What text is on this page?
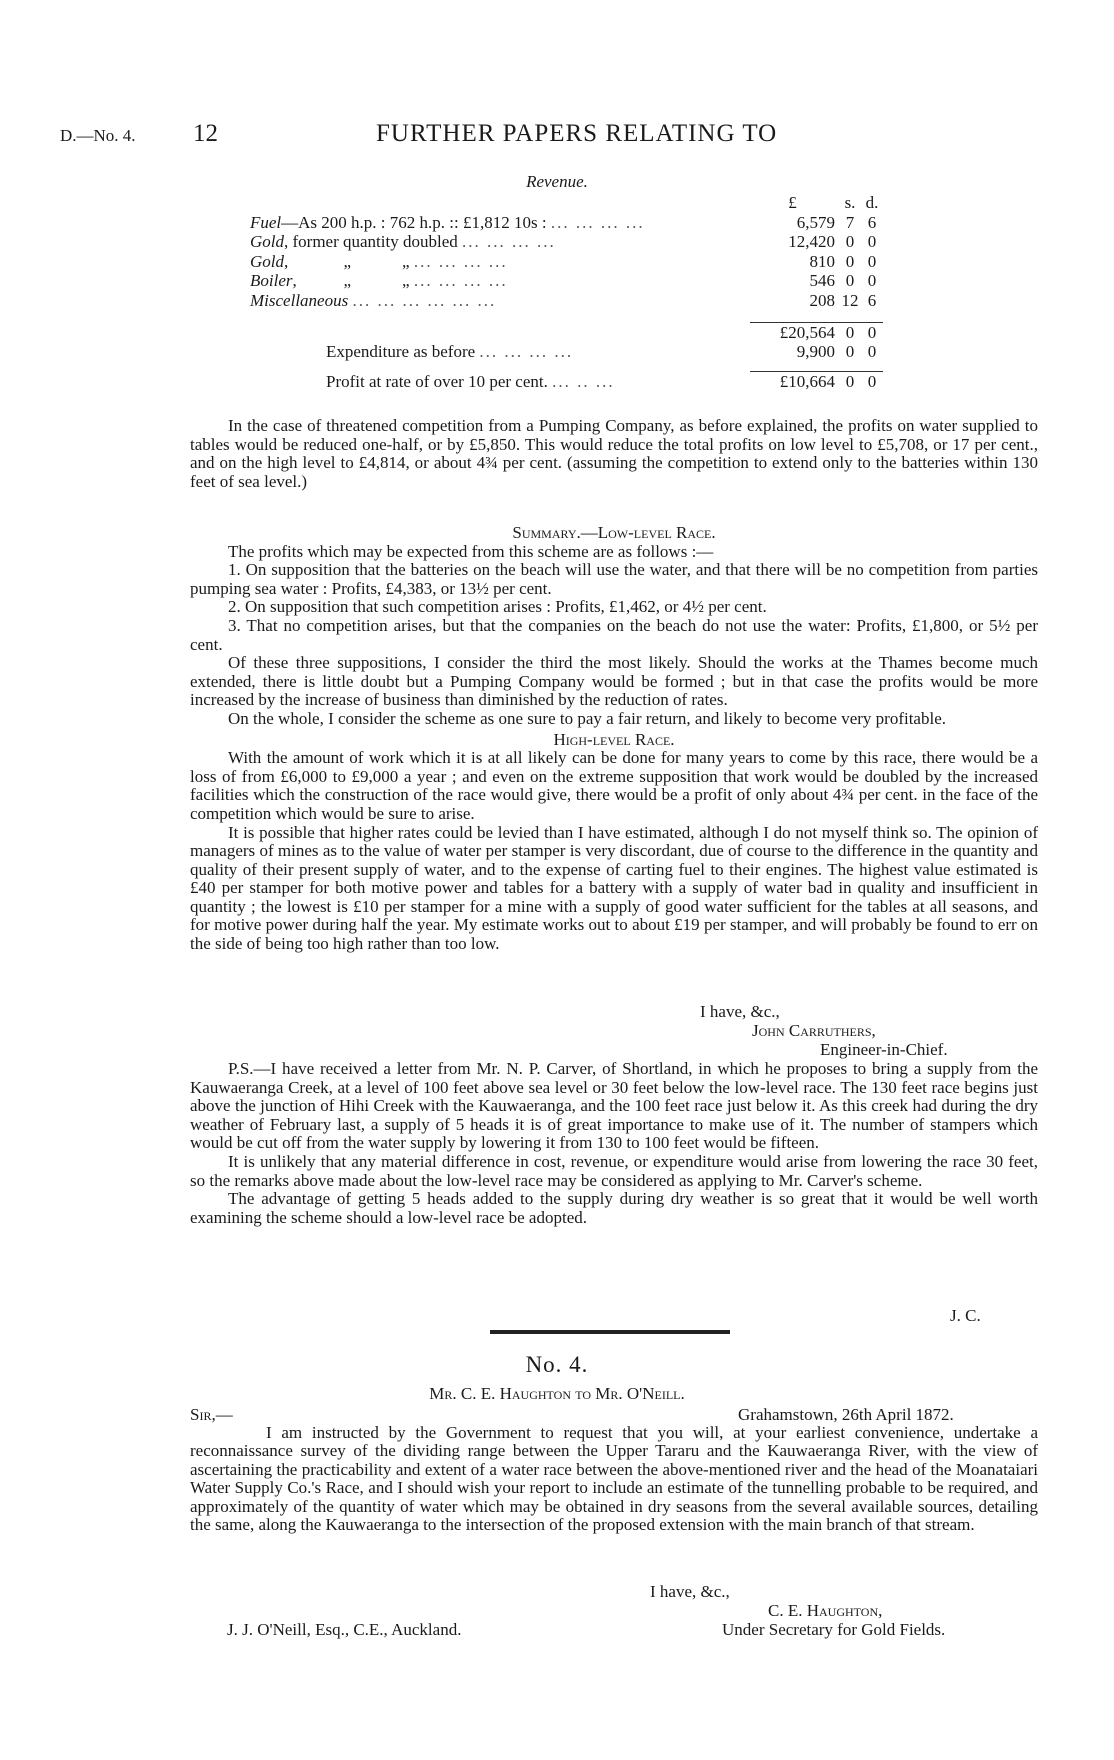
D.—No. 4. 12	FURTHER PAPERS RELATING TO
Revenue.
	£	s.	d.
Fuel—As 200 h.p. : 762 h.p. :: £1,812 10s : ... ... ... ...	6,579	7	6
Gold, former quantity doubled ... ... ... ...	12,420	0	0
Gold,             „            „ ... ... ... ...	810	0	0
Boiler,           „            „ ... ... ... ...	546	0	0
Miscellaneous ... ... ... ... ... ...	208	12	6

	£20,564	0	0
Expenditure as before ... ... ... ...	9,900	0	0

Profit at rate of over 10 per cent. ... .. ...	£10,664	0	0

In the case of threatened competition from a Pumping Company, as before explained, the profits on water supplied to tables would be reduced one-half, or by £5,850. This would reduce the total profits on low level to £5,708, or 17 per cent., and on the high level to £4,814, or about 4¾ per cent. (assuming the competition to extend only to the batteries within 130 feet of sea level.)

Summary.—Low-level Race.

The profits which may be expected from this scheme are as follows :—

1. On supposition that the batteries on the beach will use the water, and that there will be no competition from parties pumping sea water : Profits, £4,383, or 13½ per cent.

2. On supposition that such competition arises : Profits, £1,462, or 4½ per cent.

3. That no competition arises, but that the companies on the beach do not use the water: Profits, £1,800, or 5½ per cent.

Of these three suppositions, I consider the third the most likely. Should the works at the Thames become much extended, there is little doubt but a Pumping Company would be formed ; but in that case the profits would be more increased by the increase of business than diminished by the reduction of rates.

On the whole, I consider the scheme as one sure to pay a fair return, and likely to become very profitable.

High-level Race.

With the amount of work which it is at all likely can be done for many years to come by this race, there would be a loss of from £6,000 to £9,000 a year ; and even on the extreme supposition that work would be doubled by the increased facilities which the construction of the race would give, there would be a profit of only about 4¾ per cent. in the face of the competition which would be sure to arise.

It is possible that higher rates could be levied than I have estimated, although I do not myself think so. The opinion of managers of mines as to the value of water per stamper is very discordant, due of course to the difference in the quantity and quality of their present supply of water, and to the expense of carting fuel to their engines. The highest value estimated is £40 per stamper for both motive power and tables for a battery with a supply of water bad in quality and insufficient in quantity ; the lowest is £10 per stamper for a mine with a supply of good water sufficient for the tables at all seasons, and for motive power during half the year. My estimate works out to about £19 per stamper, and will probably be found to err on the side of being too high rather than too low.

I have, &c.,
John Carruthers,
Engineer-in-Chief.

P.S.—I have received a letter from Mr. N. P. Carver, of Shortland, in which he proposes to bring a supply from the Kauwaeranga Creek, at a level of 100 feet above sea level or 30 feet below the low-level race. The 130 feet race begins just above the junction of Hihi Creek with the Kauwaeranga, and the 100 feet race just below it. As this creek had during the dry weather of February last, a supply of 5 heads it is of great importance to make use of it. The number of stampers which would be cut off from the water supply by lowering it from 130 to 100 feet would be fifteen.

It is unlikely that any material difference in cost, revenue, or expenditure would arise from lowering the race 30 feet, so the remarks above made about the low-level race may be considered as applying to Mr. Carver's scheme.

The advantage of getting 5 heads added to the supply during dry weather is so great that it would be well worth examining the scheme should a low-level race be adopted.

J. C.
No. 4.
Mr. C. E. Haughton to Mr. O'Neill.
Sir,—	Grahamstown, 26th April 1872.

I am instructed by the Government to request that you will, at your earliest convenience, undertake a reconnaissance survey of the dividing range between the Upper Tararu and the Kauwaeranga River, with the view of ascertaining the practicability and extent of a water race between the above-mentioned river and the head of the Moanataiari Water Supply Co.'s Race, and I should wish your report to include an estimate of the tunnelling probable to be required, and approximately of the quantity of water which may be obtained in dry seasons from the several available sources, detailing the same, along the Kauwaeranga to the intersection of the proposed extension with the main branch of that stream.

I have, &c.,
C. E. Haughton,
Under Secretary for Gold Fields.
J. J. O'Neill, Esq., C.E., Auckland.
